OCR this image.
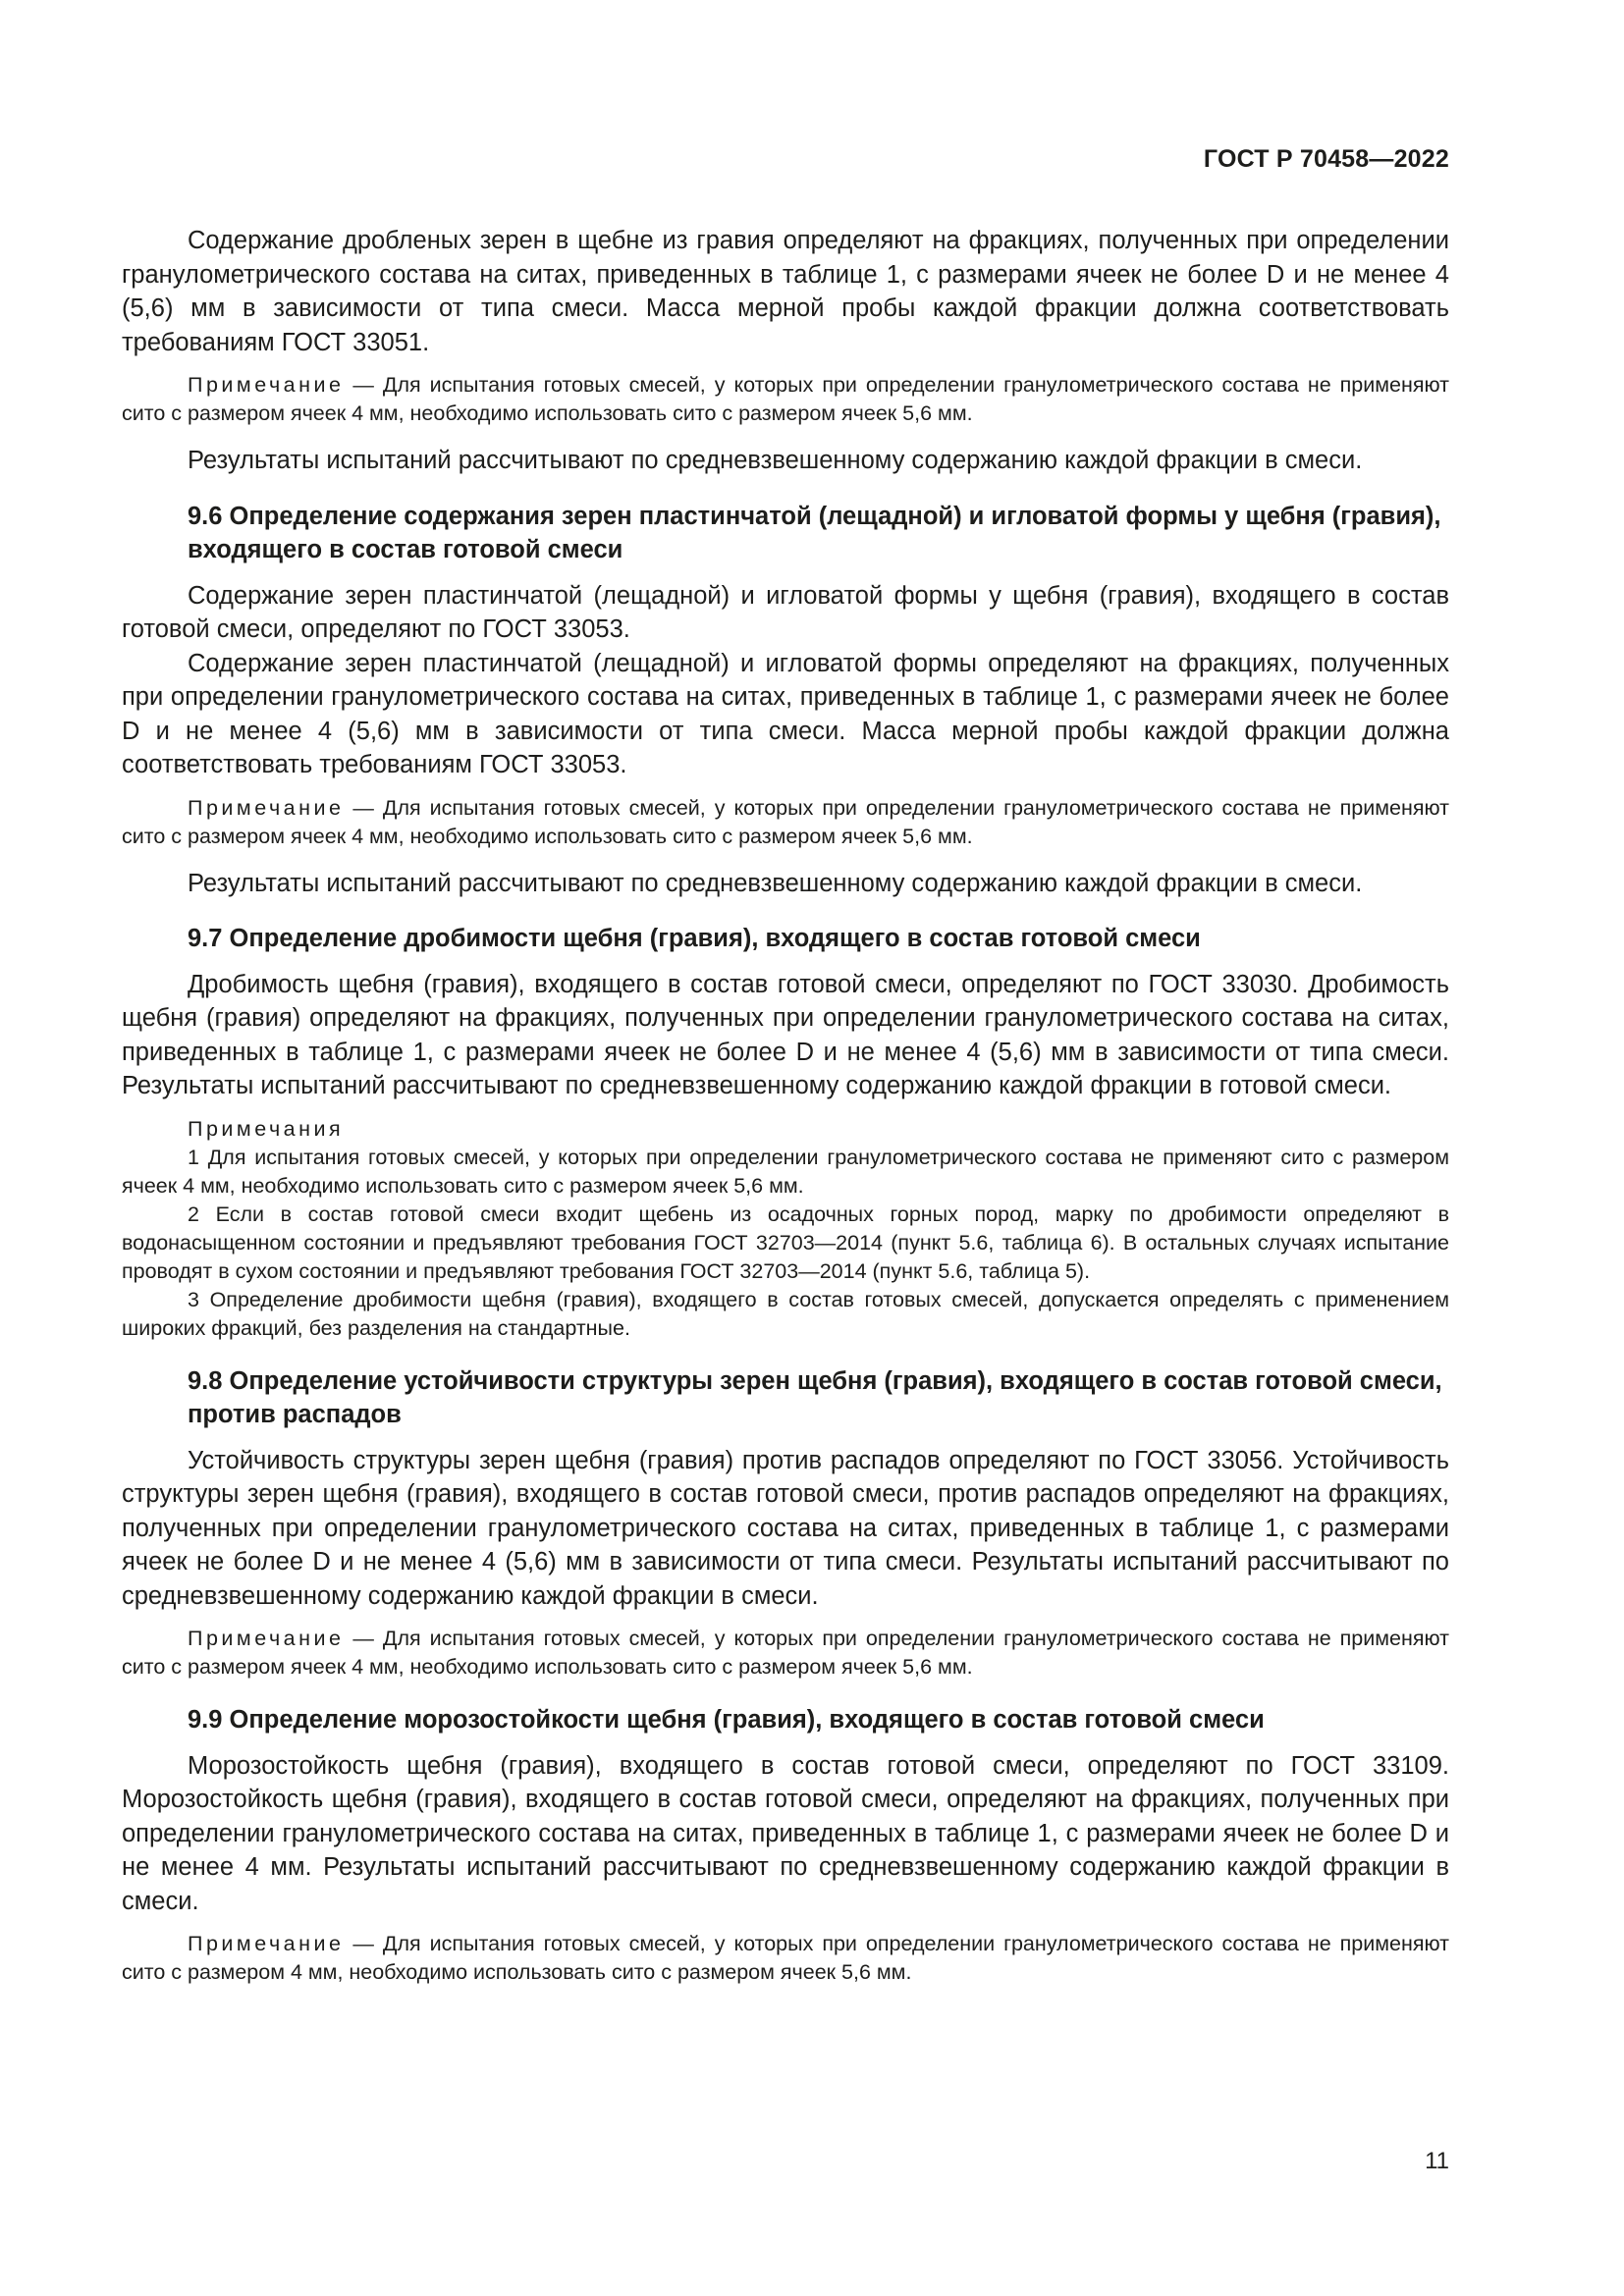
ГОСТ Р 70458—2022

Содержание дробленых зерен в щебне из гравия определяют на фракциях, полученных при определении гранулометрического состава на ситах, приведенных в таблице 1, с размерами ячеек не более D и не менее 4 (5,6) мм в зависимости от типа смеси. Масса мерной пробы каждой фракции должна соответствовать требованиям ГОСТ 33051.

Примечание — Для испытания готовых смесей, у которых при определении гранулометрического состава не применяют сито с размером ячеек 4 мм, необходимо использовать сито с размером ячеек 5,6 мм.

Результаты испытаний рассчитывают по средневзвешенному содержанию каждой фракции в смеси.

9.6 Определение содержания зерен пластинчатой (лещадной) и игловатой формы у щебня (гравия), входящего в состав готовой смеси

Содержание зерен пластинчатой (лещадной) и игловатой формы у щебня (гравия), входящего в состав готовой смеси, определяют по ГОСТ 33053.

Содержание зерен пластинчатой (лещадной) и игловатой формы определяют на фракциях, полученных при определении гранулометрического состава на ситах, приведенных в таблице 1, с размерами ячеек не более D и не менее 4 (5,6) мм в зависимости от типа смеси. Масса мерной пробы каждой фракции должна соответствовать требованиям ГОСТ 33053.

Примечание — Для испытания готовых смесей, у которых при определении гранулометрического состава не применяют сито с размером ячеек 4 мм, необходимо использовать сито с размером ячеек 5,6 мм.

Результаты испытаний рассчитывают по средневзвешенному содержанию каждой фракции в смеси.

9.7 Определение дробимости щебня (гравия), входящего в состав готовой смеси

Дробимость щебня (гравия), входящего в состав готовой смеси, определяют по ГОСТ 33030. Дробимость щебня (гравия) определяют на фракциях, полученных при определении гранулометрического состава на ситах, приведенных в таблице 1, с размерами ячеек не более D и не менее 4 (5,6) мм в зависимости от типа смеси. Результаты испытаний рассчитывают по средневзвешенному содержанию каждой фракции в готовой смеси.

Примечания

1 Для испытания готовых смесей, у которых при определении гранулометрического состава не применяют сито с размером ячеек 4 мм, необходимо использовать сито с размером ячеек 5,6 мм.

2 Если в состав готовой смеси входит щебень из осадочных горных пород, марку по дробимости определяют в водонасыщенном состоянии и предъявляют требования ГОСТ 32703—2014 (пункт 5.6, таблица 6). В остальных случаях испытание проводят в сухом состоянии и предъявляют требования ГОСТ 32703—2014 (пункт 5.6, таблица 5).

3 Определение дробимости щебня (гравия), входящего в состав готовых смесей, допускается определять с применением широких фракций, без разделения на стандартные.

9.8 Определение устойчивости структуры зерен щебня (гравия), входящего в состав готовой смеси, против распадов

Устойчивость структуры зерен щебня (гравия) против распадов определяют по ГОСТ 33056. Устойчивость структуры зерен щебня (гравия), входящего в состав готовой смеси, против распадов определяют на фракциях, полученных при определении гранулометрического состава на ситах, приведенных в таблице 1, с размерами ячеек не более D и не менее 4 (5,6) мм в зависимости от типа смеси. Результаты испытаний рассчитывают по средневзвешенному содержанию каждой фракции в смеси.

Примечание — Для испытания готовых смесей, у которых при определении гранулометрического состава не применяют сито с размером ячеек 4 мм, необходимо использовать сито с размером ячеек 5,6 мм.

9.9 Определение морозостойкости щебня (гравия), входящего в состав готовой смеси

Морозостойкость щебня (гравия), входящего в состав готовой смеси, определяют по ГОСТ 33109. Морозостойкость щебня (гравия), входящего в состав готовой смеси, определяют на фракциях, полученных при определении гранулометрического состава на ситах, приведенных в таблице 1, с размерами ячеек не более D и не менее 4 мм. Результаты испытаний рассчитывают по средневзвешенному содержанию каждой фракции в смеси.

Примечание — Для испытания готовых смесей, у которых при определении гранулометрического состава не применяют сито с размером 4 мм, необходимо использовать сито с размером ячеек 5,6 мм.

11
